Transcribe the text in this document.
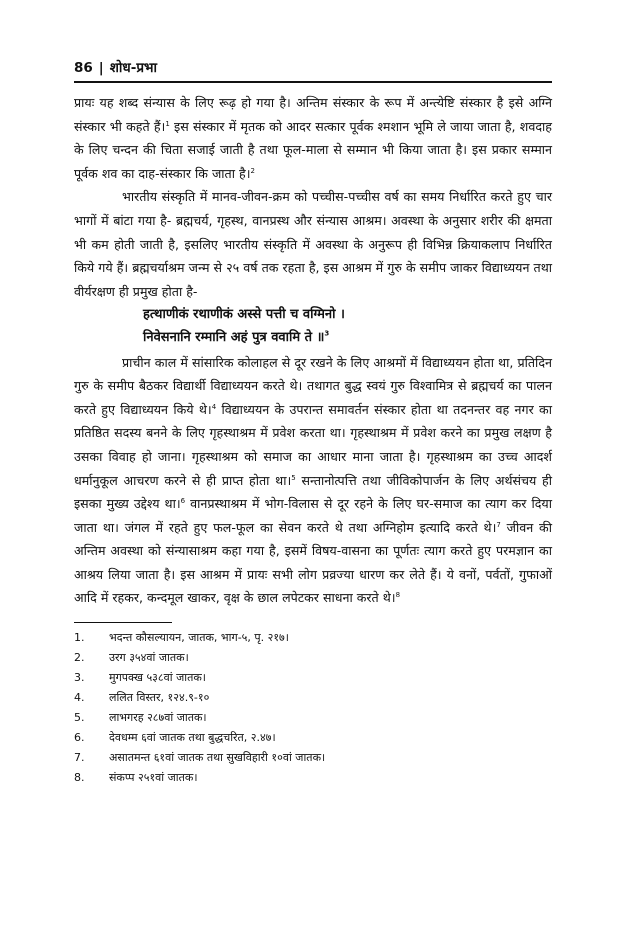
86 | शोध-प्रभा

प्रायः यह शब्द संन्यास के लिए रूढ़ हो गया है। अन्तिम संस्कार के रूप में अन्त्येष्टि संस्कार है इसे अग्नि संस्कार भी कहते हैं।$^1$ इस संस्कार में मृतक को आदर सत्कार पूर्वक श्मशान भूमि ले जाया जाता है, शवदाह के लिए चन्दन की चिता सजाई जाती है तथा फूल-माला से सम्मान भी किया जाता है। इस प्रकार सम्मान पूर्वक शव का दाह-संस्कार कि जाता है।$^2$

भारतीय संस्कृति में मानव-जीवन-क्रम को पच्चीस-पच्चीस वर्ष का समय निर्धारित करते हुए चार भागों में बांटा गया है- ब्रह्मचर्य, गृहस्थ, वानप्रस्थ और संन्यास आश्रम। अवस्था के अनुसार शरीर की क्षमता भी कम होती जाती है, इसलिए भारतीय संस्कृति में अवस्था के अनुरूप ही विभिन्न क्रियाकलाप निर्धारित किये गये हैं। ब्रह्मचर्याश्रम जन्म से २५ वर्ष तक रहता है, इस आश्रम में गुरु के समीप जाकर विद्याध्ययन तथा वीर्यरक्षण ही प्रमुख होता है-

हत्थाणीकं रथाणीकं अस्से पत्ती च वग्मिनो ।
निवेसनानि रम्मानि अहं पुत्र ववामि ते ॥$^3$

प्राचीन काल में सांसारिक कोलाहल से दूर रखने के लिए आश्रमों में विद्याध्ययन होता था, प्रतिदिन गुरु के समीप बैठकर विद्यार्थी विद्याध्ययन करते थे। तथागत बुद्ध स्वयं गुरु विश्वामित्र से ब्रह्मचर्य का पालन करते हुए विद्याध्ययन किये थे।$^4$ विद्याध्ययन के उपरान्त समावर्तन संस्कार होता था तदनन्तर वह नगर का प्रतिष्ठित सदस्य बनने के लिए गृहस्थाश्रम में प्रवेश करता था। गृहस्थाश्रम में प्रवेश करने का प्रमुख लक्षण है उसका विवाह हो जाना। गृहस्थाश्रम को समाज का आधार माना जाता है। गृहस्थाश्रम का उच्च आदर्श धर्मानुकूल आचरण करने से ही प्राप्त होता था।$^5$ सन्तानोत्पत्ति तथा जीविकोपार्जन के लिए अर्थसंचय ही इसका मुख्य उद्देश्य था।$^6$ वानप्रस्थाश्रम में भोग-विलास से दूर रहने के लिए घर-समाज का त्याग कर दिया जाता था। जंगल में रहते हुए फल-फूल का सेवन करते थे तथा अग्निहोम इत्यादि करते थे।$^7$ जीवन की अन्तिम अवस्था को संन्यासाश्रम कहा गया है, इसमें विषय-वासना का पूर्णतः त्याग करते हुए परमज्ञान का आश्रय लिया जाता है। इस आश्रम में प्रायः सभी लोग प्रव्रज्या धारण कर लेते हैं। ये वनों, पर्वतों, गुफाओं आदि में रहकर, कन्दमूल खाकर, वृक्ष के छाल लपेटकर साधना करते थे।$^8$

1.	भदन्त कौसल्यायन, जातक, भाग-५, पृ. २१७।
2.	उरग ३५४वां जातक।
3.	मुगपक्ख ५३८वां जातक।
4.	ललित विस्तर, १२४.९-१०
5.	लाभगरह २८७वां जातक।
6.	देवधम्म ६वां जातक तथा बुद्धचरित, २.४७।
7.	असातमन्त ६१वां जातक तथा सुखविहारी १०वां जातक।
8.	संकप्प २५१वां जातक।
